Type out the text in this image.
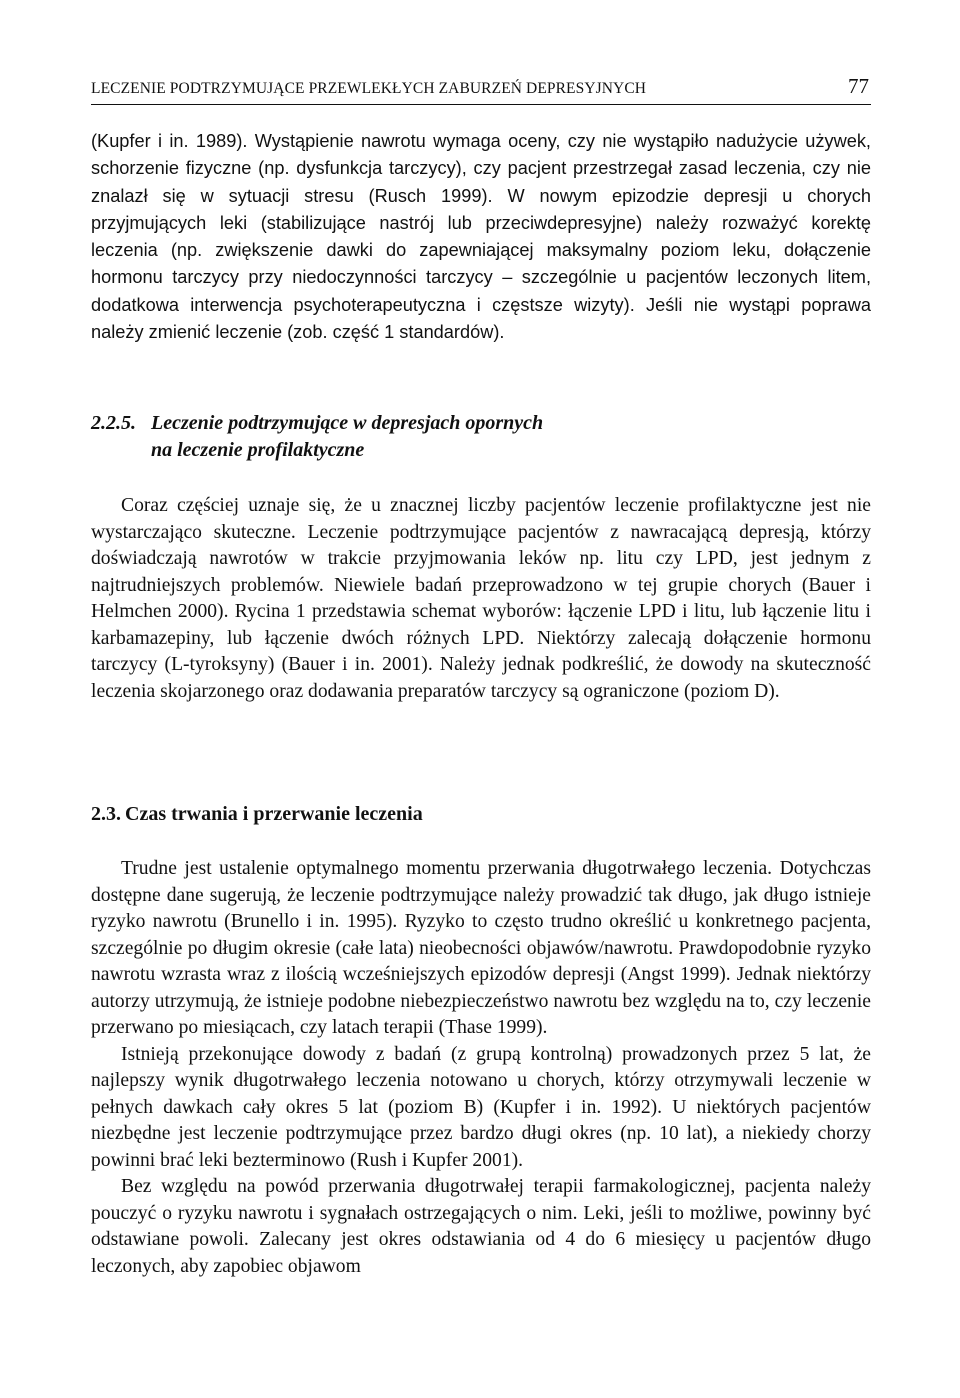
LECZENIE PODTRZYMUJĄCE PRZEWLEKŁYCH ZABURZEŃ DEPRESYJNYCH	77

(Kupfer i in. 1989). Wystąpienie nawrotu wymaga oceny, czy nie wystąpiło nadużycie używek, schorzenie fizyczne (np. dysfunkcja tarczycy), czy pacjent przestrzegał zasad leczenia, czy nie znalazł się w sytuacji stresu (Rusch 1999). W nowym epizodzie depresji u chorych przyjmujących leki (stabilizujące nastrój lub przeciwdepresyjne) należy rozważyć korektę leczenia (np. zwiększenie dawki do zapewniającej maksymalny poziom leku, dołączenie hormonu tarczycy przy niedoczynności tarczycy – szczególnie u pacjentów leczonych litem, dodatkowa interwencja psychoterapeutyczna i częstsze wizyty). Jeśli nie wystąpi poprawa należy zmienić leczenie (zob. część 1 standardów).

2.2.5. Leczenie podtrzymujące w depresjach opornych
na leczenie profilaktyczne

Coraz częściej uznaje się, że u znacznej liczby pacjentów leczenie profilaktyczne jest nie wystarczająco skuteczne. Leczenie podtrzymujące pacjentów z nawracającą depresją, którzy doświadczają nawrotów w trakcie przyjmowania leków np. litu czy LPD, jest jednym z najtrudniejszych problemów. Niewiele badań przeprowadzono w tej grupie chorych (Bauer i Helmchen 2000). Rycina 1 przedstawia schemat wyborów: łączenie LPD i litu, lub łączenie litu i karbamazepiny, lub łączenie dwóch różnych LPD. Niektórzy zalecają dołączenie hormonu tarczycy (L-tyroksyny) (Bauer i in. 2001). Należy jednak podkreślić, że dowody na skuteczność leczenia skojarzonego oraz dodawania preparatów tarczycy są ograniczone (poziom D).

2.3. Czas trwania i przerwanie leczenia

Trudne jest ustalenie optymalnego momentu przerwania długotrwałego leczenia. Dotychczas dostępne dane sugerują, że leczenie podtrzymujące należy prowadzić tak długo, jak długo istnieje ryzyko nawrotu (Brunello i in. 1995). Ryzyko to często trudno określić u konkretnego pacjenta, szczególnie po długim okresie (całe lata) nieobecności objawów/nawrotu. Prawdopodobnie ryzyko nawrotu wzrasta wraz z ilością wcześniejszych epizodów depresji (Angst 1999). Jednak niektórzy autorzy utrzymują, że istnieje podobne niebezpieczeństwo nawrotu bez względu na to, czy leczenie przerwano po miesiącach, czy latach terapii (Thase 1999).

Istnieją przekonujące dowody z badań (z grupą kontrolną) prowadzonych przez 5 lat, że najlepszy wynik długotrwałego leczenia notowano u chorych, którzy otrzymywali leczenie w pełnych dawkach cały okres 5 lat (poziom B) (Kupfer i in. 1992). U niektórych pacjentów niezbędne jest leczenie podtrzymujące przez bardzo długi okres (np. 10 lat), a niekiedy chorzy powinni brać leki bezterminowo (Rush i Kupfer 2001).

Bez względu na powód przerwania długotrwałej terapii farmakologicznej, pacjenta należy pouczyć o ryzyku nawrotu i sygnałach ostrzegających o nim. Leki, jeśli to możliwe, powinny być odstawiane powoli. Zalecany jest okres odstawiania od 4 do 6 miesięcy u pacjentów długo leczonych, aby zapobiec objawom
